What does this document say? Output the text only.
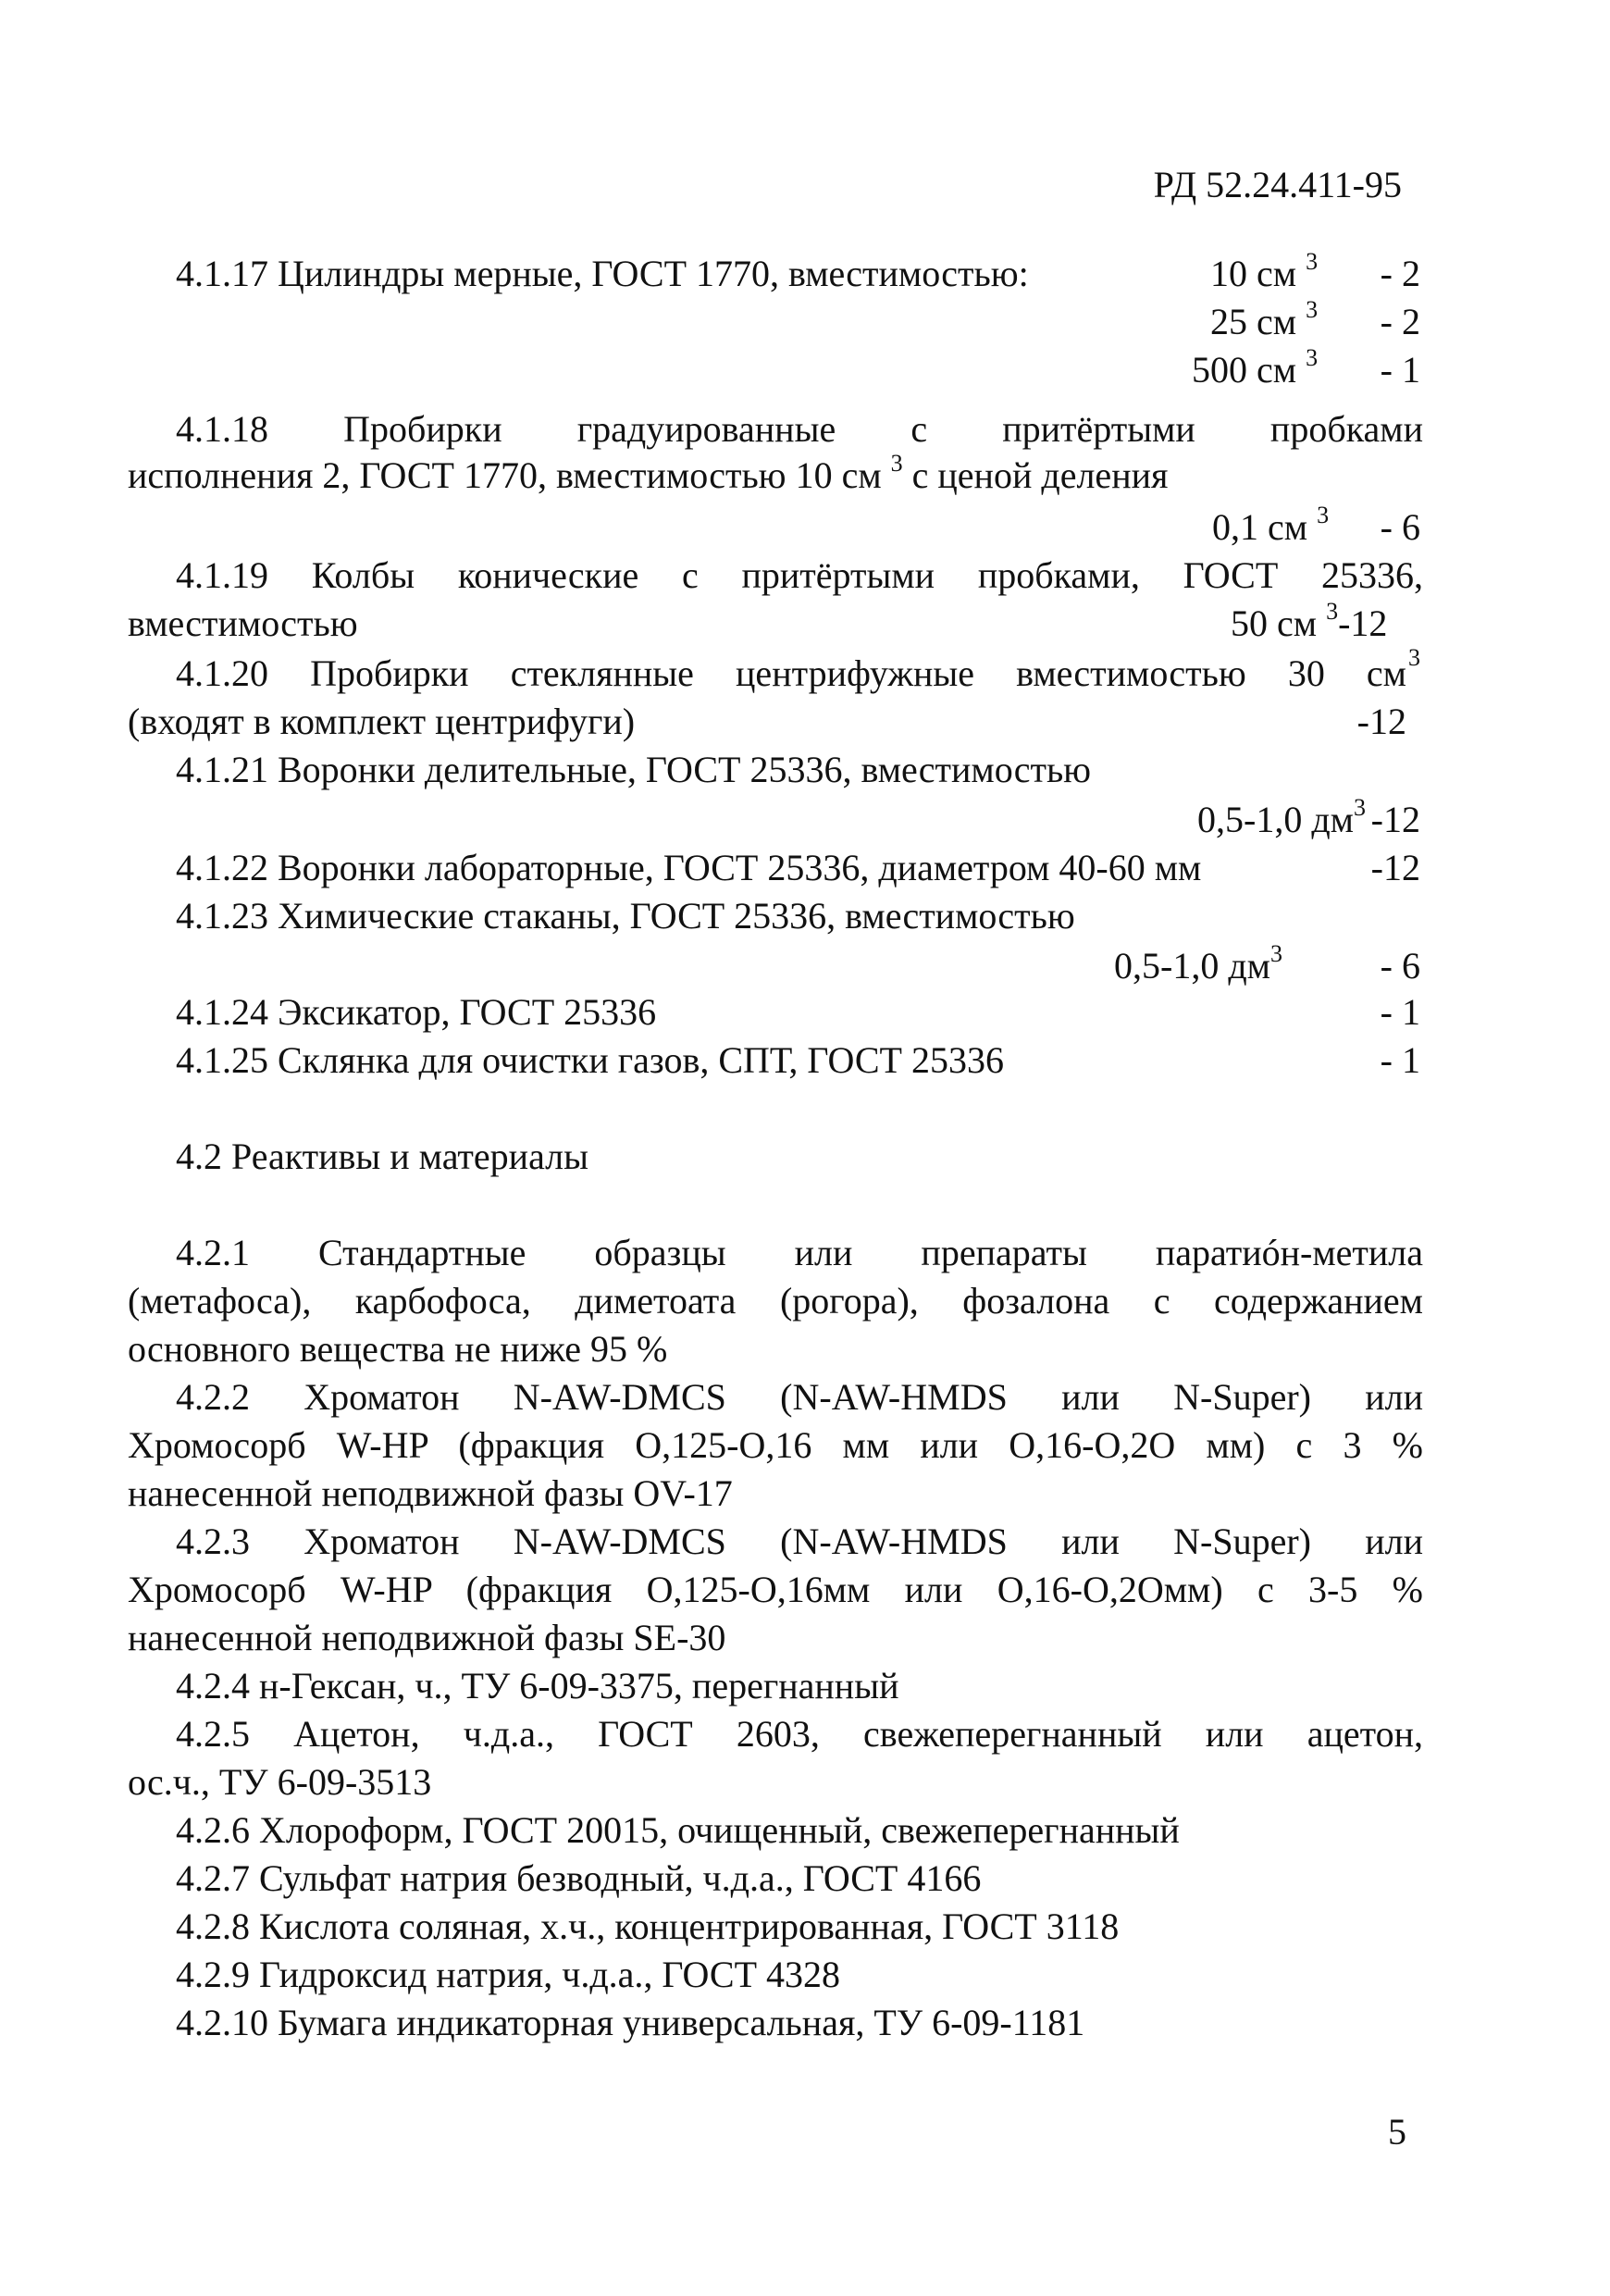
РД 52.24.411-95
4.1.17 Цилиндры мерные, ГОСТ 1770, вместимостью:	10 см $^3$ - 2
25 см $^3$ - 2
500 см $^3$ - 1
4.1.18 Пробирки градуированные с притёртыми пробками
исполнения 2, ГОСТ 1770, вместимостью 10 см $^3$ с ценой деления
0,1 см $^3$ - 6
4.1.19 Колбы конические с притёртыми пробками, ГОСТ 25336,
вместимостью	50 см $^3$-12
4.1.20 Пробирки стеклянные центрифужные вместимостью 30 см $^3$
(входят в комплект центрифуги)	-12
4.1.21 Воронки делительные, ГОСТ 25336, вместимостью
0,5-1,0 $дм^3$ -12
4.1.22 Воронки лабораторные, ГОСТ 25336, диаметром 40-60 мм	-12
4.1.23 Химические стаканы, ГОСТ 25336, вместимостью
0,5-1,0 $дм^3$	- 6
4.1.24 Эксикатор, ГОСТ 25336	- 1
4.1.25 Склянка для очистки газов, СПТ, ГОСТ 25336	- 1
4.2 Реактивы и материалы
4.2.1 Стандартные образцы или препараты паратиóн-метила
(метафоса), карбофоса, диметоата (рогора), фозалона с содержанием
основного вещества не ниже 95 %
4.2.2 Хроматон N-AW-DMCS (N-AW-HMDS или N-Super) или
Хромосорб W-HP (фракция O,125-O,16 мм или O,16-O,2O мм) с 3 %
нанесенной неподвижной фазы OV-17
4.2.3 Хроматон N-AW-DMCS (N-AW-HMDS или N-Super) или
Хромосорб W-HP (фракция O,125-O,16мм или O,16-O,2Oмм) с 3-5 %
нанесенной неподвижной фазы SE-30
4.2.4 н-Гексан, ч., ТУ 6-09-3375, перегнанный
4.2.5 Ацетон, ч.д.а., ГОСТ 2603, свежеперегнанный или ацетон,
ос.ч., ТУ 6-09-3513
4.2.6 Хлороформ, ГОСТ 20015, очищенный, свежеперегнанный
4.2.7 Сульфат натрия безводный, ч.д.а., ГОСТ 4166
4.2.8 Кислота соляная, х.ч., концентрированная, ГОСТ 3118
4.2.9 Гидроксид натрия, ч.д.а., ГОСТ 4328
4.2.10 Бумага индикаторная универсальная, ТУ 6-09-1181
5
